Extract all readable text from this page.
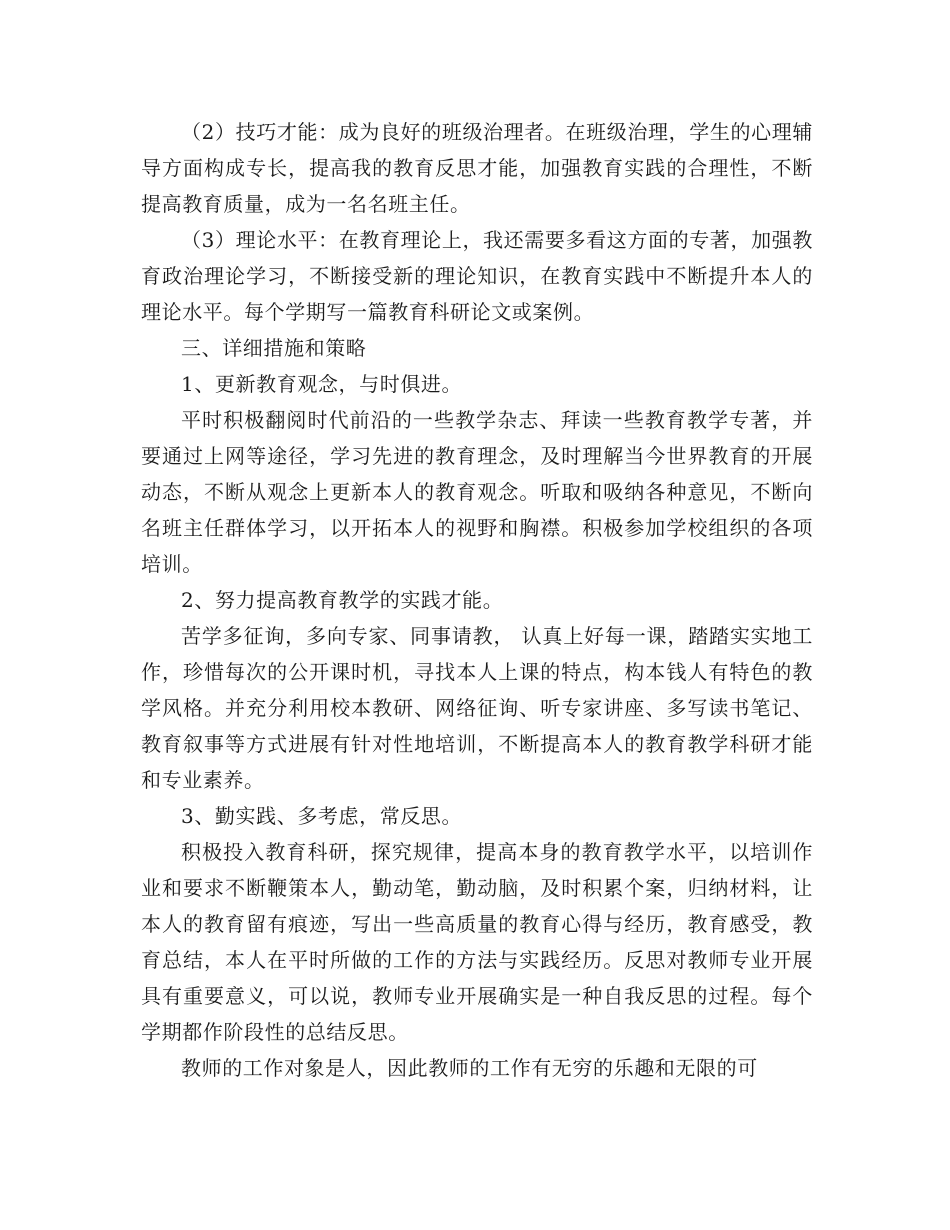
（2）技巧才能：成为良好的班级治理者。在班级治理，学生的心理辅导方面构成专长，提高我的教育反思才能，加强教育实践的合理性，不断提高教育质量，成为一名名班主任。

（3）理论水平：在教育理论上，我还需要多看这方面的专著，加强教育政治理论学习，不断接受新的理论知识，在教育实践中不断提升本人的理论水平。每个学期写一篇教育科研论文或案例。

三、详细措施和策略

1、更新教育观念，与时俱进。

平时积极翻阅时代前沿的一些教学杂志、拜读一些教育教学专著，并要通过上网等途径，学习先进的教育理念，及时理解当今世界教育的开展动态，不断从观念上更新本人的教育观念。听取和吸纳各种意见，不断向名班主任群体学习，以开拓本人的视野和胸襟。积极参加学校组织的各项培训。

2、努力提高教育教学的实践才能。

苦学多征询，多向专家、同事请教， 认真上好每一课，踏踏实实地工作，珍惜每次的公开课时机，寻找本人上课的特点，构本钱人有特色的教学风格。并充分利用校本教研、网络征询、听专家讲座、多写读书笔记、教育叙事等方式进展有针对性地培训，不断提高本人的教育教学科研才能和专业素养。

3、勤实践、多考虑，常反思。

积极投入教育科研，探究规律，提高本身的教育教学水平，以培训作业和要求不断鞭策本人，勤动笔，勤动脑，及时积累个案，归纳材料，让本人的教育留有痕迹，写出一些高质量的教育心得与经历，教育感受，教育总结，本人在平时所做的工作的方法与实践经历。反思对教师专业开展具有重要意义，可以说，教师专业开展确实是一种自我反思的过程。每个学期都作阶段性的总结反思。

教师的工作对象是人，因此教师的工作有无穷的乐趣和无限的可
